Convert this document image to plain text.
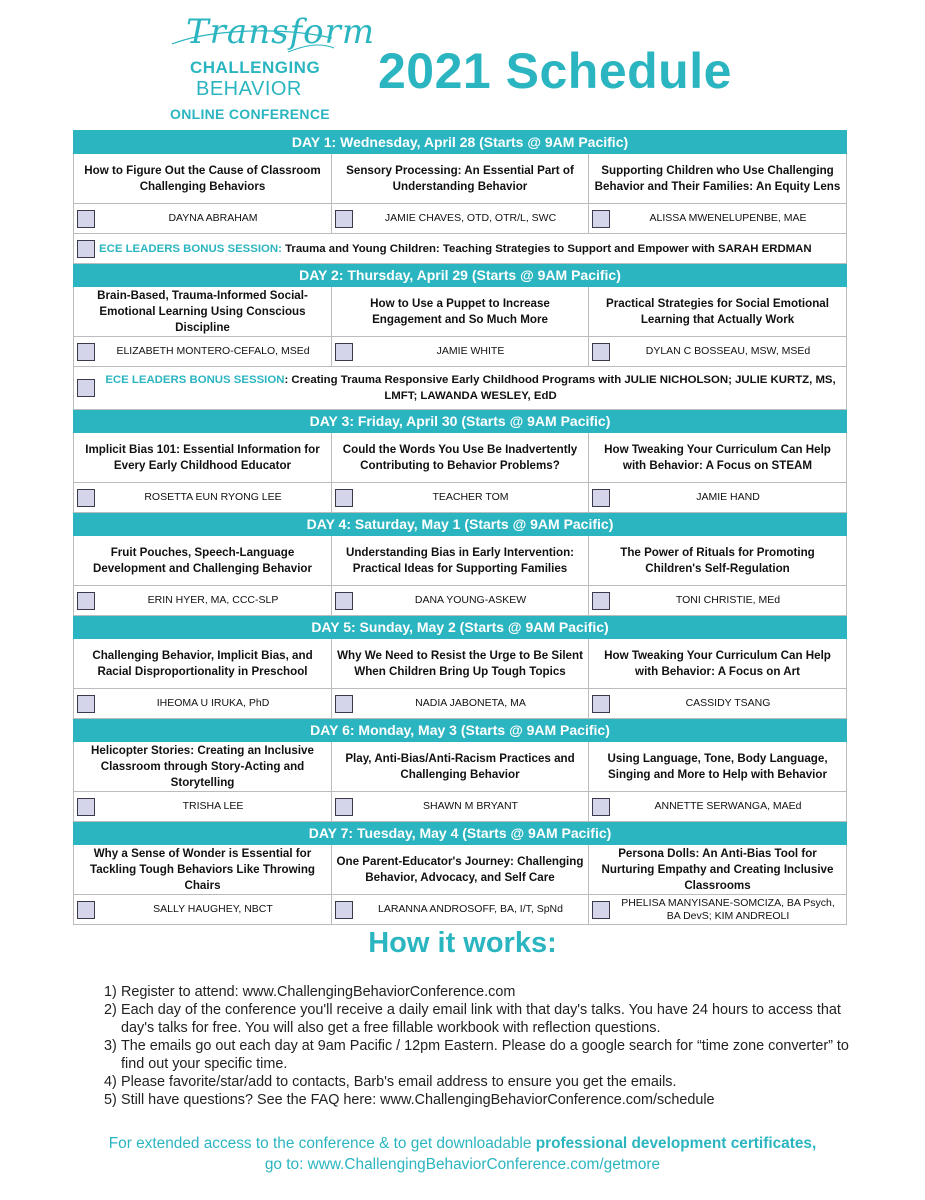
Transform
CHALLENGING
BEHAVIOR
ONLINE CONFERENCE
2021 Schedule
DAY 1: Wednesday, April 28 (Starts @ 9AM Pacific)		
How to Figure Out the Cause of Classroom Challenging Behaviors	Sensory Processing: An Essential Part of Understanding Behavior	Supporting Children who Use Challenging Behavior and Their Families: An Equity Lens

DAYNA ABRAHAM	JAMIE CHAVES, OTD, OTR/L, SWC	ALISSA MWENELUPENBE, MAE

ECE LEADERS BONUS SESSION: Trauma and Young Children: Teaching Strategies to Support and Empower with SARAH ERDMAN		

DAY 2: Thursday, April 29 (Starts @ 9AM Pacific)		
Brain-Based, Trauma-Informed Social-Emotional Learning Using Conscious Discipline	How to Use a Puppet to Increase Engagement and So Much More	Practical Strategies for Social Emotional Learning that Actually Work

ELIZABETH MONTERO-CEFALO, MSEd	JAMIE WHITE	DYLAN C BOSSEAU, MSW, MSEd

ECE LEADERS BONUS SESSION: Creating Trauma Responsive Early Childhood Programs with JULIE NICHOLSON; JULIE KURTZ, MS, LMFT; LAWANDA WESLEY, EdD		

DAY 3: Friday, April 30 (Starts @ 9AM Pacific)		
Implicit Bias 101: Essential Information for Every Early Childhood Educator	Could the Words You Use Be Inadvertently Contributing to Behavior Problems?	How Tweaking Your Curriculum Can Help with Behavior: A Focus on STEAM

ROSETTA EUN RYONG LEE	TEACHER TOM	JAMIE HAND

DAY 4: Saturday, May 1 (Starts @ 9AM Pacific)		
Fruit Pouches, Speech-Language Development and Challenging Behavior	Understanding Bias in Early Intervention: Practical Ideas for Supporting Families	The Power of Rituals for Promoting Children's Self-Regulation

ERIN HYER, MA, CCC-SLP	DANA YOUNG-ASKEW	TONI CHRISTIE, MEd

DAY 5: Sunday, May 2 (Starts @ 9AM Pacific)		
Challenging Behavior, Implicit Bias, and Racial Disproportionality in Preschool	Why We Need to Resist the Urge to Be Silent When Children Bring Up Tough Topics	How Tweaking Your Curriculum Can Help with Behavior: A Focus on Art

IHEOMA U IRUKA, PhD	NADIA JABONETA, MA	CASSIDY TSANG

DAY 6: Monday, May 3 (Starts @ 9AM Pacific)		
Helicopter Stories: Creating an Inclusive Classroom through Story-Acting and Storytelling	Play, Anti-Bias/Anti-Racism Practices and Challenging Behavior	Using Language, Tone, Body Language, Singing and More to Help with Behavior

TRISHA LEE	SHAWN M BRYANT	ANNETTE SERWANGA, MAEd

DAY 7: Tuesday, May 4 (Starts @ 9AM Pacific)		
Why a Sense of Wonder is Essential for Tackling Tough Behaviors Like Throwing Chairs	One Parent-Educator's Journey: Challenging Behavior, Advocacy, and Self Care	Persona Dolls: An Anti-Bias Tool for Nurturing Empathy and Creating Inclusive Classrooms

SALLY HAUGHEY, NBCT	LARANNA ANDROSOFF, BA, I/T, SpNd	PHELISA MANYISANE-SOMCIZA, BA Psych, BA DevS; KIM ANDREOLI
How it works:
1) Register to attend: www.ChallengingBehaviorConference.com
2) Each day of the conference you'll receive a daily email link with that day's talks. You have 24 hours to access that day's talks for free. You will also get a free fillable workbook with reflection questions.
3) The emails go out each day at 9am Pacific / 12pm Eastern. Please do a google search for “time zone converter” to find out your specific time.
4) Please favorite/star/add to contacts, Barb's email address to ensure you get the emails.
5) Still have questions? See the FAQ here: www.ChallengingBehaviorConference.com/schedule
For extended access to the conference & to get downloadable professional development certificates,
go to: www.ChallengingBehaviorConference.com/getmore
